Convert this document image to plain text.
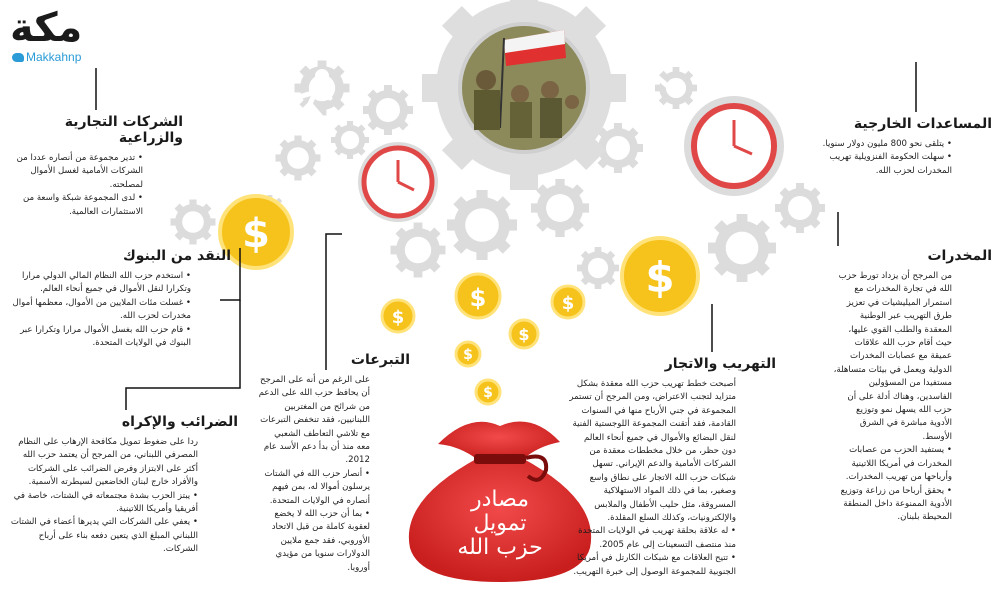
مكة
Makkahnp
$
$
$
$
$
$
$
$
مصادر
تمويل
حزب الله
الشركات التجارية والزراعية
• تدير مجموعة من أنصاره عددا من الشركات الأمامية لغسل الأموال لمصلحته.
• لدى المجموعة شبكة واسعة من الاستثمارات العالمية.
النقد من البنوك
• استخدم حزب الله النظام المالي الدولي مرارا وتكرارا لنقل الأموال في جميع أنحاء العالم.
• غسلت مئات الملايين من الأموال، معظمها أموال مخدرات لحزب الله.
• قام حزب الله بغسل الأموال مرارا وتكرارا عبر البنوك في الولايات المتحدة.
الضرائب والإكراه
ردا على ضغوط تمويل مكافحة الإرهاب على النظام المصرفي اللبناني، من المرجح أن يعتمد حزب الله أكثر على الابتزاز وفرض الضرائب على الشركات والأفراد خارج لبنان الخاضعين لسيطرته الأسمية.
• يبتز الحزب بشدة مجتمعاته في الشتات، خاصة في أفريقيا وأمريكا اللاتينية.
• يعفي على الشركات التي يديرها أعضاء في الشتات اللبناني المبلغ الذي يتعين دفعه بناء على أرباح الشركات.
التبرعات
على الرغم من أنه على المرجح أن يحافظ حزب الله على الدعم من شرائح من المغتربين اللبنانيين، فقد تنخفض التبرعات مع تلاشي التعاطف الشعبي معه منذ أن بدأ دعم الأسد عام 2012.
• أنصار حزب الله في الشتات يرسلون أموالا له، بمن فيهم أنصاره في الولايات المتحدة.
• بما أن حزب الله لا يخضع لعقوبة كاملة من قبل الاتحاد الأوروبي، فقد جمع ملايين الدولارات سنويا من مؤيدي أوروبا.
التهريب والاتجار
أصبحت خطط تهريب حزب الله معقدة بشكل متزايد لتجنب الاعتراض، ومن المرجح أن تستمر المجموعة في جني الأرباح منها في السنوات القادمة، فقد أتقنت المجموعة اللوجستية الفنية لنقل البضائع والأموال في جميع أنحاء العالم دون حظر، من خلال مخططات معقدة من الشركات الأمامية والدعم الإيراني. تسهل شبكات حزب الله الاتجار على نطاق واسع وصغير، بما في ذلك المواد الاستهلاكية المسروقة، مثل حليب الأطفال والملابس والإلكترونيات، وكذلك السلع المقلدة.
• له علاقة بحلقة تهريب في الولايات المتحدة منذ منتصف التسعينات إلى عام 2005.
• تتيح العلاقات مع شبكات الكارتل في أمريكا الجنوبية للمجموعة الوصول إلى خبرة التهريب.
المساعدات الخارجية
• يتلقى نحو 800 مليون دولار سنويا.
• سهلت الحكومة الفنزويلية تهريب المخدرات لحزب الله.
المخدرات
من المرجح أن يزداد تورط حزب الله في تجارة المخدرات مع استمرار الميليشيات في تعزيز طرق التهريب عبر الوطنية المعقدة والطلب القوي عليها، حيث أقام حزب الله علاقات عميقة مع عصابات المخدرات الدولية ويعمل في بيئات متساهلة، مستفيدا من المسؤولين الفاسدين، وهناك أدلة على أن حزب الله يسهل نمو وتوزيع الأدوية مباشرة في الشرق الأوسط.
• يستفيد الحزب من عصابات المخدرات في أمريكا اللاتينية وأرباحها من تهريب المخدرات.
• يحقق أرباحا من زراعة وتوزيع الأدوية الممنوعة داخل المنطقة المحيطة بلبنان.
